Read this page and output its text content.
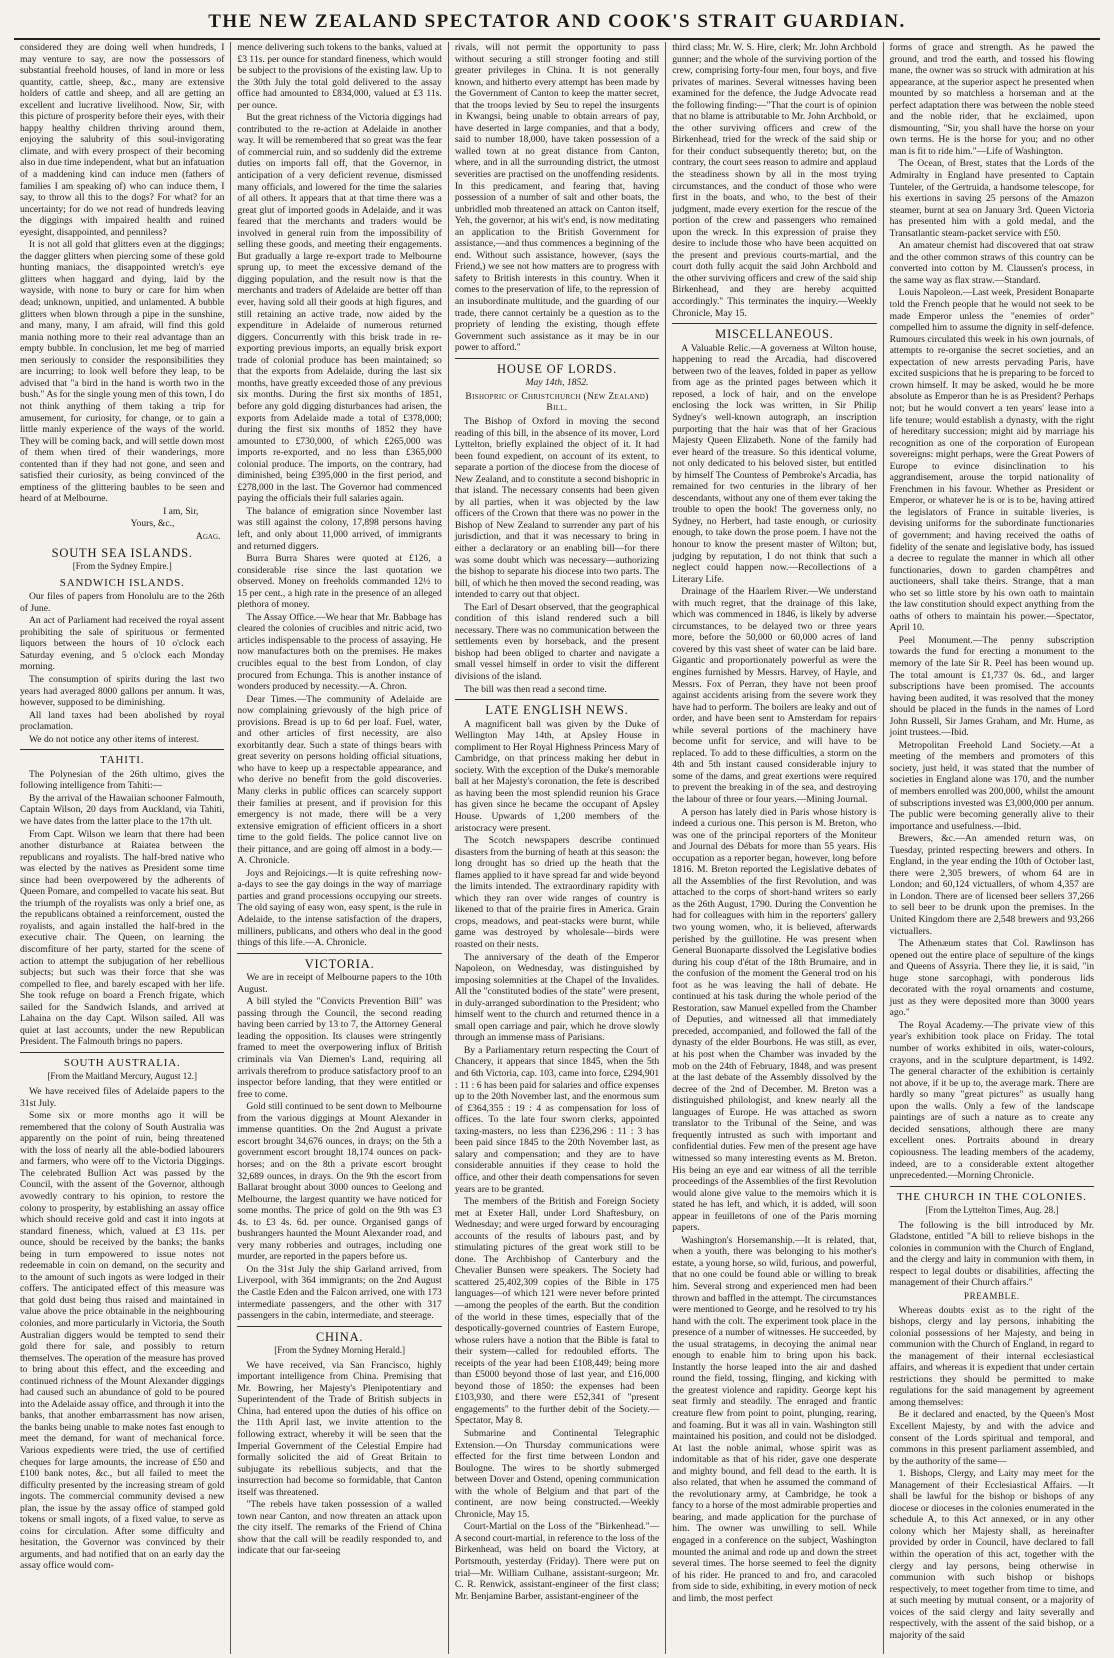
THE NEW ZEALAND SPECTATOR AND COOK'S STRAIT GUARDIAN.

considered they are doing well when hundreds, I may venture to say, are now the possessors of substantial freehold houses, of land in more or less quantity, cattle, sheep, &c., many are extensive holders of cattle and sheep, and all are getting an excellent and lucrative livelihood. Now, Sir, with this picture of prosperity before their eyes, with their happy healthy children thriving around them, enjoying the salubrity of this soul-invigorating climate, and with every prospect of their becoming also in due time independent, what but an infatuation of a maddening kind can induce men (fathers of families I am speaking of) who can induce them, I say, to throw all this to the dogs? For what? for an uncertainty; for do we not read of hundreds leaving the diggings with impaired health and ruined eyesight, disappointed, and penniless?

It is not all gold that glitters even at the diggings; the dagger glitters when piercing some of these gold hunting maniacs, the disappointed wretch's eye glitters when haggard and dying, laid by the wayside, with none to bury or care for him when dead; unknown, unpitied, and unlamented. A bubble glitters when blown through a pipe in the sunshine, and many, many, I am afraid, will find this gold mania nothing more to their real advantage than an empty bubble. In conclusion, let me beg of married men seriously to consider the responsibilities they are incurring; to look well before they leap, to be advised that "a bird in the hand is worth two in the bush." As for the single young men of this town, I do not think anything of them taking a trip for amusement, for curiosity, for change, or to gain a little manly experience of the ways of the world. They will be coming back, and will settle down most of them when tired of their wanderings, more contented than if they had not gone, and seen and satisfied their curiosity, as being convinced of the emptiness of the glittering baubles to be seen and heard of at Melbourne.

I am, Sir,
Yours, &c.,
Agag.
SOUTH SEA ISLANDS.
[From the Sydney Empire.]
SANDWICH ISLANDS.

Our files of papers from Honolulu are to the 26th of June.

An act of Parliament had received the royal assent prohibiting the sale of spirituous or fermented liquors between the hours of 10 o'clock each Saturday evening, and 5 o'clock each Monday morning.

The consumption of spirits during the last two years had averaged 8000 gallons per annum. It was, however, supposed to be diminishing.

All land taxes had been abolished by royal proclamation.

We do not notice any other items of interest.

TAHITI.

The Polynesian of the 26th ultimo, gives the following intelligence from Tahiti:—

By the arrival of the Hawaiian schooner Falmouth, Captain Wilson, 20 days from Auckland, via Tahiti, we have dates from the latter place to the 17th ult.

From Capt. Wilson we learn that there had been another disturbance at Raiatea between the republicans and royalists. The half-bred native who was elected by the natives as President some time since had been overpowered by the adherents of Queen Pomare, and compelled to vacate his seat. But the triumph of the royalists was only a brief one, as the republicans obtained a reinforcement, ousted the royalists, and again installed the half-bred in the executive chair. The Queen, on learning the discomfiture of her party, started for the scene of action to attempt the subjugation of her rebellious subjects; but such was their force that she was compelled to flee, and barely escaped with her life. She took refuge on board a French frigate, which sailed for the Sandwich Islands, and arrived at Lahaina on the day Capt. Wilson sailed. All was quiet at last accounts, under the new Republican President. The Falmouth brings no papers.

SOUTH AUSTRALIA.
[From the Maitland Mercury, August 12.]

We have received files of Adelaide papers to the 31st July.

Some six or more months ago it will be remembered that the colony of South Australia was apparently on the point of ruin, being threatened with the loss of nearly all the able-bodied labourers and farmers, who were off to the Victoria Diggings. The celebrated Bullion Act was passed by the Council, with the assent of the Governor, although avowedly contrary to his opinion, to restore the colony to prosperity, by establishing an assay office which should receive gold and cast it into ingots at standard fineness, which, valued at £3 11s. per ounce, should be received by the banks; the banks being in turn empowered to issue notes not redeemable in coin on demand, on the security and to the amount of such ingots as were lodged in their coffers. The anticipated effect of this measure was that gold dust being thus raised and maintained in value above the price obtainable in the neighbouring colonies, and more particularly in Victoria, the South Australian diggers would be tempted to send their gold there for sale, and possibly to return themselves. The operation of the measure has proved to bring about this effect, and the exceeding and continued richness of the Mount Alexander diggings had caused such an abundance of gold to be poured into the Adelaide assay office, and through it into the banks, that another embarrassment has now arisen, the banks being unable to make notes fast enough to meet the demand, for want of mechanical force. Various expedients were tried, the use of certified cheques for large amounts, the increase of £50 and £100 bank notes, &c., but all failed to meet the difficulty presented by the increasing stream of gold ingots. The commercial community devised a new plan, the issue by the assay office of stamped gold tokens or small ingots, of a fixed value, to serve as coins for circulation. After some difficulty and hesitation, the Governor was convinced by their arguments, and had notified that on an early day the assay office would com-

mence delivering such tokens to the banks, valued at £3 11s. per ounce for standard fineness, which would be subject to the provisions of the existing law. Up to the 30th July the total gold delivered to the assay office had amounted to £834,000, valued at £3 11s. per ounce.

But the great richness of the Victoria diggings had contributed to the re-action at Adelaide in another way. It will be remembered that so great was the fear of commercial ruin, and so suddenly did the extreme duties on imports fall off, that the Governor, in anticipation of a very deficient revenue, dismissed many officials, and lowered for the time the salaries of all others. It appears that at that time there was a great glut of imported goods in Adelaide, and it was feared that the merchants and traders would be involved in general ruin from the impossibility of selling these goods, and meeting their engagements. But gradually a large re-export trade to Melbourne sprung up, to meet the excessive demand of the digging population, and the result now is that the merchants and traders of Adelaide are better off than ever, having sold all their goods at high figures, and still retaining an active trade, now aided by the expenditure in Adelaide of numerous returned diggers. Concurrently with this brisk trade in re-exporting previous imports, an equally brisk export trade of colonial produce has been maintained; so that the exports from Adelaide, during the last six months, have greatly exceeded those of any previous six months. During the first six months of 1851, before any gold digging disturbances had arisen, the exports from Adelaide made a total of £378,000; during the first six months of 1852 they have amounted to £730,000, of which £265,000 was imports re-exported, and no less than £365,000 colonial produce. The imports, on the contrary, had diminished, being £395,000 in the first period, and £278,000 in the last. The Governor had commenced paying the officials their full salaries again.

The balance of emigration since November last was still against the colony, 17,898 persons having left, and only about 11,000 arrived, of immigrants and returned diggers.

Burra Burra Shares were quoted at £126, a considerable rise since the last quotation we observed. Money on freeholds commanded 12½ to 15 per cent., a high rate in the presence of an alleged plethora of money.

The Assay Office.—We hear that Mr. Babbage has cleared the colonies of crucibles and nitric acid, two articles indispensable to the process of assaying. He now manufactures both on the premises. He makes crucibles equal to the best from London, of clay procured from Echunga. This is another instance of wonders produced by necessity.—A. Chron.

Dear Times.—The community of Adelaide are now complaining grievously of the high price of provisions. Bread is up to 6d per loaf. Fuel, water, and other articles of first necessity, are also exorbitantly dear. Such a state of things bears with great severity on persons holding official situations, who have to keep up a respectable appearance, and who derive no benefit from the gold discoveries. Many clerks in public offices can scarcely support their families at present, and if provision for this emergency is not made, there will be a very extensive emigration of efficient officers in a short time to the gold fields. The police cannot live on their pittance, and are going off almost in a body.—A. Chronicle.

Joys and Rejoicings.—It is quite refreshing now-a-days to see the gay doings in the way of marriage parties and grand processions occupying our streets. The old saying of easy won, easy spent, is the rule in Adelaide, to the intense satisfaction of the drapers, milliners, publicans, and others who deal in the good things of this life.—A. Chronicle.

VICTORIA.

We are in receipt of Melbourne papers to the 10th August.

A bill styled the "Convicts Prevention Bill" was passing through the Council, the second reading having been carried by 13 to 7, the Attorney General leading the opposition. Its clauses were stringently framed to meet the overpowering influx of British criminals via Van Diemen's Land, requiring all arrivals therefrom to produce satisfactory proof to an inspector before landing, that they were entitled or free to come.

Gold still continued to be sent down to Melbourne from the various diggings at Mount Alexander in immense quantities. On the 2nd August a private escort brought 34,676 ounces, in drays; on the 5th a government escort brought 18,174 ounces on pack-horses; and on the 8th a private escort brought 32,689 ounces, in drays. On the 9th the escort from Ballarat brought about 3000 ounces to Geelong and Melbourne, the largest quantity we have noticed for some months. The price of gold on the 9th was £3 4s. to £3 4s. 6d. per ounce. Organised gangs of bushrangers haunted the Mount Alexander road, and very many robberies and outrages, including one murder, are reported in the papers before us.

On the 31st July the ship Garland arrived, from Liverpool, with 364 immigrants; on the 2nd August the Castle Eden and the Falcon arrived, one with 173 intermediate passengers, and the other with 317 passengers in the cabin, intermediate, and steerage.

CHINA.
[From the Sydney Morning Herald.]

We have received, via San Francisco, highly important intelligence from China. Premising that Mr. Bowring, her Majesty's Plenipotentiary and Superintendent of the Trade of British subjects in China, had entered upon the duties of his office on the 11th April last, we invite attention to the following extract, whereby it will be seen that the Imperial Government of the Celestial Empire had formally solicited the aid of Great Britain to subjugate its rebellious subjects, and that the insurrection had become so formidable, that Canton itself was threatened.

"The rebels have taken possession of a walled town near Canton, and now threaten an attack upon the city itself. The remarks of the Friend of China show that the call will be readily responded to, and indicate that our far-seeing

rivals, will not permit the opportunity to pass without securing a still stronger footing and still greater privileges in China. It is not generally known, and hitherto every attempt has been made by the Government of Canton to keep the matter secret, that the troops levied by Seu to repel the insurgents in Kwangsi, being unable to obtain arrears of pay, have deserted in large companies, and that a body, said to number 18,000, have taken possession of a walled town at no great distance from Canton, where, and in all the surrounding district, the utmost severities are practised on the unoffending residents. In this predicament, and fearing that, having possession of a number of salt and other boats, the unbridled mob threatened an attack on Canton itself, Yeh, the governor, at his wit's end, is now meditating an application to the British Government for assistance,—and thus commences a beginning of the end. Without such assistance, however, (says the Friend,) we see not how matters are to progress with safety to British interests in this country. When it comes to the preservation of life, to the repression of an insubordinate multitude, and the guarding of our trade, there cannot certainly be a question as to the propriety of lending the existing, though effete Government such assistance as it may be in our power to afford."

HOUSE OF LORDS.
May 14th, 1852.
Bishopric of Christchurch (New Zealand) Bill.

The Bishop of Oxford in moving the second reading of this bill, in the absence of its mover, Lord Lyttelton, briefly explained the object of it. It had been found expedient, on account of its extent, to separate a portion of the diocese from the diocese of New Zealand, and to constitute a second bishopric in that island. The necessary consents had been given by all parties, when it was objected by the law officers of the Crown that there was no power in the Bishop of New Zealand to surrender any part of his jurisdiction, and that it was necessary to bring in either a declaratory or an enabling bill—for there was some doubt which was necessary—authorizing the bishop to separate his diocese into two parts. The bill, of which he then moved the second reading, was intended to carry out that object.

The Earl of Desart observed, that the geographical condition of this island rendered such a bill necessary. There was no communication between the settlements even by horseback, and the present bishop had been obliged to charter and navigate a small vessel himself in order to visit the different divisions of the island.

The bill was then read a second time.

LATE ENGLISH NEWS.

A magnificent ball was given by the Duke of Wellington May 14th, at Apsley House in compliment to Her Royal Highness Princess Mary of Cambridge, on that princess making her debut in society. With the exception of the Duke's memorable ball at her Majesty's coronation, the fete is described as having been the most splendid reunion his Grace has given since he became the occupant of Apsley House. Upwards of 1,200 members of the aristocracy were present.

The Scotch newspapers describe continued disasters from the burning of heath at this season: the long drought has so dried up the heath that the flames applied to it have spread far and wide beyond the limits intended. The extraordinary rapidity with which they ran over wide ranges of country is likened to that of the prairie fires in America. Grain crops, meadows, and peat-stacks were burnt, while game was destroyed by wholesale—birds were roasted on their nests.

The anniversary of the death of the Emperor Napoleon, on Wednesday, was distinguished by imposing solemnities at the Chapel of the Invalides. All the "constituted bodies of the state" were present, in duly-arranged subordination to the President; who himself went to the church and returned thence in a small open carriage and pair, which he drove slowly through an immense mass of Parisians.

By a Parliamentary return respecting the Court of Chancery, it appears that since 1845, when the 5th and 6th Victoria, cap. 103, came into force, £294,901 : 11 : 6 has been paid for salaries and office expenses up to the 20th November last, and the enormous sum of £364,355 : 19 : 4 as compensation for loss of offices. To the late four sworn clerks, appointed taxing-masters, no less than £236,296 : 11 : 3 has been paid since 1845 to the 20th November last, as salary and compensation; and they are to have considerable annuities if they cease to hold the office, and other their death compensations for seven years are to be granted.

The members of the British and Foreign Society met at Exeter Hall, under Lord Shaftesbury, on Wednesday; and were urged forward by encouraging accounts of the results of labours past, and by stimulating pictures of the great work still to be done. The Archbishop of Canterbury and the Chevalier Bunsen were speakers. The Society had scattered 25,402,309 copies of the Bible in 175 languages—of which 121 were never before printed—among the peoples of the earth. But the condition of the world in these times, especially that of the despotically-governed countries of Eastern Europe, whose rulers have a notion that the Bible is fatal to their system—called for redoubled efforts. The receipts of the year had been £108,449; being more than £5000 beyond those of last year, and £16,000 beyond those of 1850: the expenses had been £103,930, and there were £52,341 of "present engagements" to the further debit of the Society.—Spectator, May 8.

Submarine and Continental Telegraphic Extension.—On Thursday communications were effected for the first time between London and Boulogne. The wires to be shortly submerged between Dover and Ostend, opening communication with the whole of Belgium and that part of the continent, are now being constructed.—Weekly Chronicle, May 15.

Court-Martial on the Loss of the "Birkenhead."—A second court-martial, in reference to the loss of the Birkenhead, was held on board the Victory, at Portsmouth, yesterday (Friday). There were put on trial—Mr. William Culhane, assistant-surgeon; Mr. C. R. Renwick, assistant-engineer of the first class; Mr. Benjamine Barber, assistant-engineer of the

third class; Mr. W. S. Hire, clerk; Mr. John Archbold gunner; and the whole of the surviving portion of the crew, comprising forty-four men, four boys, and five privates of marines. Several witnesses having been examined for the defence, the Judge Advocate read the following finding:—"That the court is of opinion that no blame is attributable to Mr. John Archbold, or the other surviving officers and crew of the Birkenhead, tried for the wreck of the said ship or for their conduct subsequently thereto; but, on the contrary, the court sees reason to admire and applaud the steadiness shown by all in the most trying circumstances, and the conduct of those who were first in the boats, and who, to the best of their judgment, made every exertion for the rescue of the portion of the crew and passengers who remained upon the wreck. In this expression of praise they desire to include those who have been acquitted on the present and previous courts-martial, and the court doth fully acquit the said John Archbold and the other surviving officers and crew of the said ship Birkenhead, and they are hereby acquitted accordingly." This terminates the inquiry.—Weekly Chronicle, May 15.

MISCELLANEOUS.

A Valuable Relic.—A governess at Wilton house, happening to read the Arcadia, had discovered between two of the leaves, folded in paper as yellow from age as the printed pages between which it reposed, a lock of hair, and on the envelope enclosing the lock was written, in Sir Philip Sydney's well-known autograph, an inscription purporting that the hair was that of her Gracious Majesty Queen Elizabeth. None of the family had ever heard of the treasure. So this identical volume, not only dedicated to his beloved sister, but entitled by himself The Countess of Pembroke's Arcadia, has remained for two centuries in the library of her descendants, without any one of them ever taking the trouble to open the book! The governess only, no Sydney, no Herbert, had taste enough, or curiosity enough, to take down the prose poem. I have not the honour to know the present master of Wilton; but, judging by reputation, I do not think that such a neglect could happen now.—Recollections of a Literary Life.

Drainage of the Haarlem River.—We understand with much regret, that the drainage of this lake, which was commenced in 1846, is likely by adverse circumstances, to be delayed two or three years more, before the 50,000 or 60,000 acres of land covered by this vast sheet of water can be laid bare. Gigantic and proportionately powerful as were the engines furnished by Messrs. Harvey, of Hayle, and Messrs. Fox of Perran, they have not been proof against accidents arising from the severe work they have had to perform. The boilers are leaky and out of order, and have been sent to Amsterdam for repairs while several portions of the machinery have become unfit for service, and will have to be replaced. To add to these difficulties, a storm on the 4th and 5th instant caused considerable injury to some of the dams, and great exertions were required to prevent the breaking in of the sea, and destroying the labour of three or four years.—Mining Journal.

A person has lately died in Paris whose history is indeed a curious one. This person is M. Breton, who was one of the principal reporters of the Moniteur and Journal des Débats for more than 55 years. His occupation as a reporter began, however, long before 1816. M. Breton reported the Legislative debates of all the Assemblies of the first Revolution, and was attached to the corps of short-hand writers so early as the 26th August, 1790. During the Convention he had for colleagues with him in the reporters' gallery two young women, who, it is believed, afterwards perished by the guillotine. He was present when General Buonaparte dissolved the Legislative bodies during his coup d'état of the 18th Brumaire, and in the confusion of the moment the General trod on his foot as he was leaving the hall of debate. He continued at his task during the whole period of the Restoration, saw Manuel expelled from the Chamber of Deputies, and witnessed all that immediately preceded, accompanied, and followed the fall of the dynasty of the elder Bourbons. He was still, as ever, at his post when the Chamber was invaded by the mob on the 24th of February, 1848, and was present at the last debate of the Assembly dissolved by the decree of the 2nd of December. M. Breton was a distinguished philologist, and knew nearly all the languages of Europe. He was attached as sworn translator to the Tribunal of the Seine, and was frequently intrusted as such with important and confidential duties. Few men of the present age have witnessed so many interesting events as M. Breton. His being an eye and ear witness of all the terrible proceedings of the Assemblies of the first Revolution would alone give value to the memoirs which it is stated he has left, and which, it is added, will soon appear in feuilletons of one of the Paris morning papers.

Washington's Horsemanship.—It is related, that, when a youth, there was belonging to his mother's estate, a young horse, so wild, furious, and powerful, that no one could be found able or willing to break him. Several strong and experienced men had been thrown and baffled in the attempt. The circumstances were mentioned to George, and he resolved to try his hand with the colt. The experiment took place in the presence of a number of witnesses. He succeeded, by the usual stratagems, in decoying the animal near enough to enable him to bring upon his back. Instantly the horse leaped into the air and dashed round the field, tossing, flinging, and kicking with the greatest violence and rapidity. George kept his seat firmly and steadily. The enraged and frantic creature flew from point to point, plunging, rearing, and foaming. But it was all in vain. Washington still maintained his position, and could not be dislodged. At last the noble animal, whose spirit was as indomitable as that of his rider, gave one desperate and mighty bound, and fell dead to the earth. It is also related, that when he assumed the command of the revolutionary army, at Cambridge, he took a fancy to a horse of the most admirable properties and bearing, and made application for the purchase of him. The owner was unwilling to sell. While engaged in a conference on the subject, Washington mounted the animal and rode up and down the street several times. The horse seemed to feel the dignity of his rider. He pranced to and fro, and caracoled from side to side, exhibiting, in every motion of neck and limb, the most perfect

forms of grace and strength. As he pawed the ground, and trod the earth, and tossed his flowing mane, the owner was so struck with admiration at his appearance, at the superior aspect he presented when mounted by so matchless a horseman and at the perfect adaptation there was between the noble steed and the noble rider, that he exclaimed, upon dismounting, "Sir, you shall have the horse on your own terms. He is the horse for you; and no other man is fit to ride him."—Life of Washington.

The Ocean, of Brest, states that the Lords of the Admiralty in England have presented to Captain Tunteler, of the Gertruida, a handsome telescope, for his exertions in saving 25 persons of the Amazon steamer, burnt at sea on January 3rd. Queen Victoria has presented him with a gold medal, and the Transatlantic steam-packet service with £50.

An amateur chemist had discovered that oat straw and the other common straws of this country can be converted into cotton by M. Claussen's process, in the same way as flax straw.—Standard.

Louis Napoleon.—Last week, President Bonaparte told the French people that he would not seek to be made Emperor unless the "enemies of order" compelled him to assume the dignity in self-defence. Rumours circulated this week in his own journals, of attempts to re-organise the secret societies, and an expectation of new arrests pervading Paris, have excited suspicions that he is preparing to be forced to crown himself. It may be asked, would he be more absolute as Emperor than he is as President? Perhaps not; but he would convert a ten years' lease into a life tenure; would establish a dynasty, with the right of hereditary succession; might aid by marriage his recognition as one of the corporation of European sovereigns: might perhaps, were the Great Powers of Europe to evince disinclination to his aggrandisement, arouse the torpid nationality of Frenchmen in his favour. Whether as President or Emperor, or whatever he is or is to be, having attired the legislators of France in suitable liveries, is devising uniforms for the subordinate functionaries of government; and having received the oaths of fidelity of the senate and legislative body, has issued a decree to regulate the manner in which all other functionaries, down to garden champêtres and auctioneers, shall take theirs. Strange, that a man who set so little store by his own oath to maintain the law constitution should expect anything from the oaths of others to maintain his power.—Spectator, April 10.

Peel Monument.—The penny subscription towards the fund for erecting a monument to the memory of the late Sir R. Peel has been wound up. The total amount is £1,737 0s. 6d., and larger subscriptions have been promised. The accounts having been audited, it was resolved that the money should be placed in the funds in the names of Lord John Russell, Sir James Graham, and Mr. Hume, as joint trustees.—Ibid.

Metropolitan Freehold Land Society.—At a meeting of the members and promoters of this society, just held, it was stated that the number of societies in England alone was 170, and the number of members enrolled was 200,000, whilst the amount of subscriptions invested was £3,000,000 per annum. The public were becoming generally alive to their importance and usefulness.—Ibid.

Brewers, &c.—An amended return was, on Tuesday, printed respecting brewers and others. In England, in the year ending the 10th of October last, there were 2,305 brewers, of whom 64 are in London; and 60,124 victuallers, of whom 4,357 are in London. There are of licensed beer sellers 37,266 to sell beer to be drunk upon the premises. In the United Kingdom there are 2,548 brewers and 93,266 victuallers.

The Athenæum states that Col. Rawlinson has opened out the entire place of sepulture of the kings and Queens of Assyria. There they lie, it is said, "in huge stone sarcophagi, with ponderous lids decorated with the royal ornaments and costume, just as they were deposited more than 3000 years ago."

The Royal Academy.—The private view of this year's exhibition took place on Friday. The total number of works exhibited in oils, water-colours, crayons, and in the sculpture department, is 1492. The general character of the exhibition is certainly not above, if it be up to, the average mark. There are hardly so many "great pictures" as usually hang upon the walls. Only a few of the landscape paintings are of such a nature as to create any decided sensations, although there are many excellent ones. Portraits abound in dreary copiousness. The leading members of the academy, indeed, are to a considerable extent altogether unprecedented.—Morning Chronicle.

THE CHURCH IN THE COLONIES.
[From the Lyttelton Times, Aug. 28.]

The following is the bill introduced by Mr. Gladstone, entitled "A bill to relieve bishops in the colonies in communion with the Church of England, and the clergy and laity in communion with them, in respect to legal doubts or disabilities, affecting the management of their Church affairs."

PREAMBLE.

Whereas doubts exist as to the right of the bishops, clergy and lay persons, inhabiting the colonial possessions of her Majesty, and being in communion with the Church of England, in regard to the management of their internal ecclesiastical affairs, and whereas it is expedient that under certain restrictions they should be permitted to make regulations for the said management by agreement among themselves:

Be it declared and enacted, by the Queen's Most Excellent Majesty, by and with the advice and consent of the Lords spiritual and temporal, and commons in this present parliament assembled, and by the authority of the same—

1. Bishops, Clergy, and Laity may meet for the Management of their Ecclesiastical Affairs. —It shall be lawful for the bishop or bishops of any diocese or dioceses in the colonies enumerated in the schedule A, to this Act annexed, or in any other colony which her Majesty shall, as hereinafter provided by order in Council, have declared to fall within the operation of this act, together with the clergy and lay persons, being otherwise in communion with such bishop or bishops respectively, to meet together from time to time, and at such meeting by mutual consent, or a majority of voices of the said clergy and laity severally and respectively, with the assent of the said bishop, or a majority of the said
